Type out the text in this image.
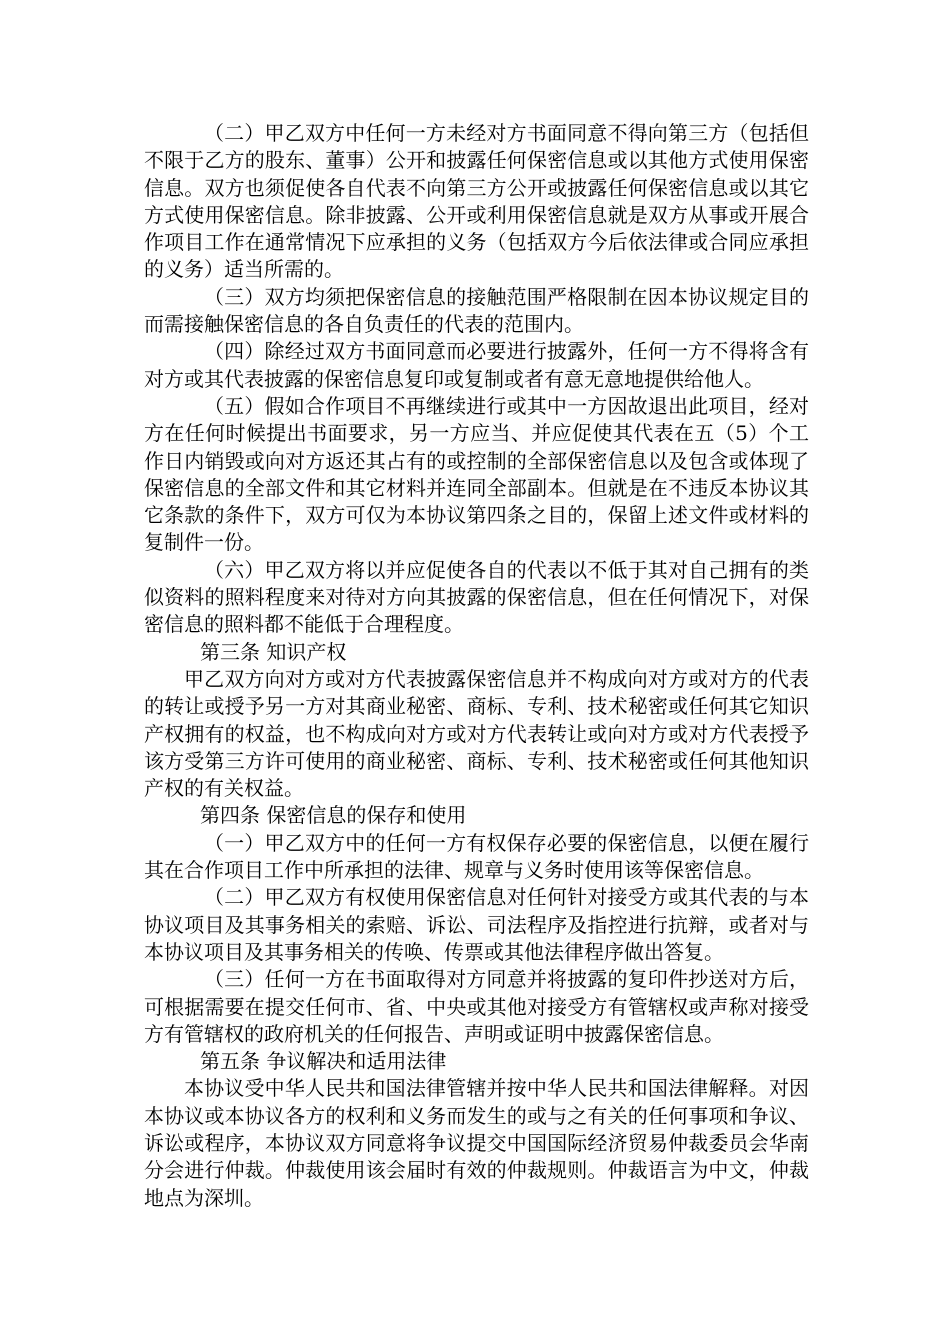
（二）甲乙双方中任何一方未经对方书面同意不得向第三方（包括但不限于乙方的股东、董事）公开和披露任何保密信息或以其他方式使用保密信息。双方也须促使各自代表不向第三方公开或披露任何保密信息或以其它方式使用保密信息。除非披露、公开或利用保密信息就是双方从事或开展合作项目工作在通常情况下应承担的义务（包括双方今后依法律或合同应承担的义务）适当所需的。

（三）双方均须把保密信息的接触范围严格限制在因本协议规定目的而需接触保密信息的各自负责任的代表的范围内。

（四）除经过双方书面同意而必要进行披露外，任何一方不得将含有对方或其代表披露的保密信息复印或复制或者有意无意地提供给他人。

（五）假如合作项目不再继续进行或其中一方因故退出此项目，经对方在任何时候提出书面要求，另一方应当、并应促使其代表在五（5）个工作日内销毁或向对方返还其占有的或控制的全部保密信息以及包含或体现了保密信息的全部文件和其它材料并连同全部副本。但就是在不违反本协议其它条款的条件下，双方可仅为本协议第四条之目的，保留上述文件或材料的复制件一份。

（六）甲乙双方将以并应促使各自的代表以不低于其对自己拥有的类似资料的照料程度来对待对方向其披露的保密信息，但在任何情况下，对保密信息的照料都不能低于合理程度。

第三条 知识产权

甲乙双方向对方或对方代表披露保密信息并不构成向对方或对方的代表的转让或授予另一方对其商业秘密、商标、专利、技术秘密或任何其它知识产权拥有的权益，也不构成向对方或对方代表转让或向对方或对方代表授予该方受第三方许可使用的商业秘密、商标、专利、技术秘密或任何其他知识产权的有关权益。

第四条 保密信息的保存和使用

（一）甲乙双方中的任何一方有权保存必要的保密信息，以便在履行其在合作项目工作中所承担的法律、规章与义务时使用该等保密信息。

（二）甲乙双方有权使用保密信息对任何针对接受方或其代表的与本协议项目及其事务相关的索赔、诉讼、司法程序及指控进行抗辩，或者对与本协议项目及其事务相关的传唤、传票或其他法律程序做出答复。

（三）任何一方在书面取得对方同意并将披露的复印件抄送对方后，可根据需要在提交任何市、省、中央或其他对接受方有管辖权或声称对接受方有管辖权的政府机关的任何报告、声明或证明中披露保密信息。

第五条 争议解决和适用法律

本协议受中华人民共和国法律管辖并按中华人民共和国法律解释。对因本协议或本协议各方的权利和义务而发生的或与之有关的任何事项和争议、诉讼或程序，本协议双方同意将争议提交中国国际经济贸易仲裁委员会华南分会进行仲裁。仲裁使用该会届时有效的仲裁规则。仲裁语言为中文，仲裁地点为深圳。
